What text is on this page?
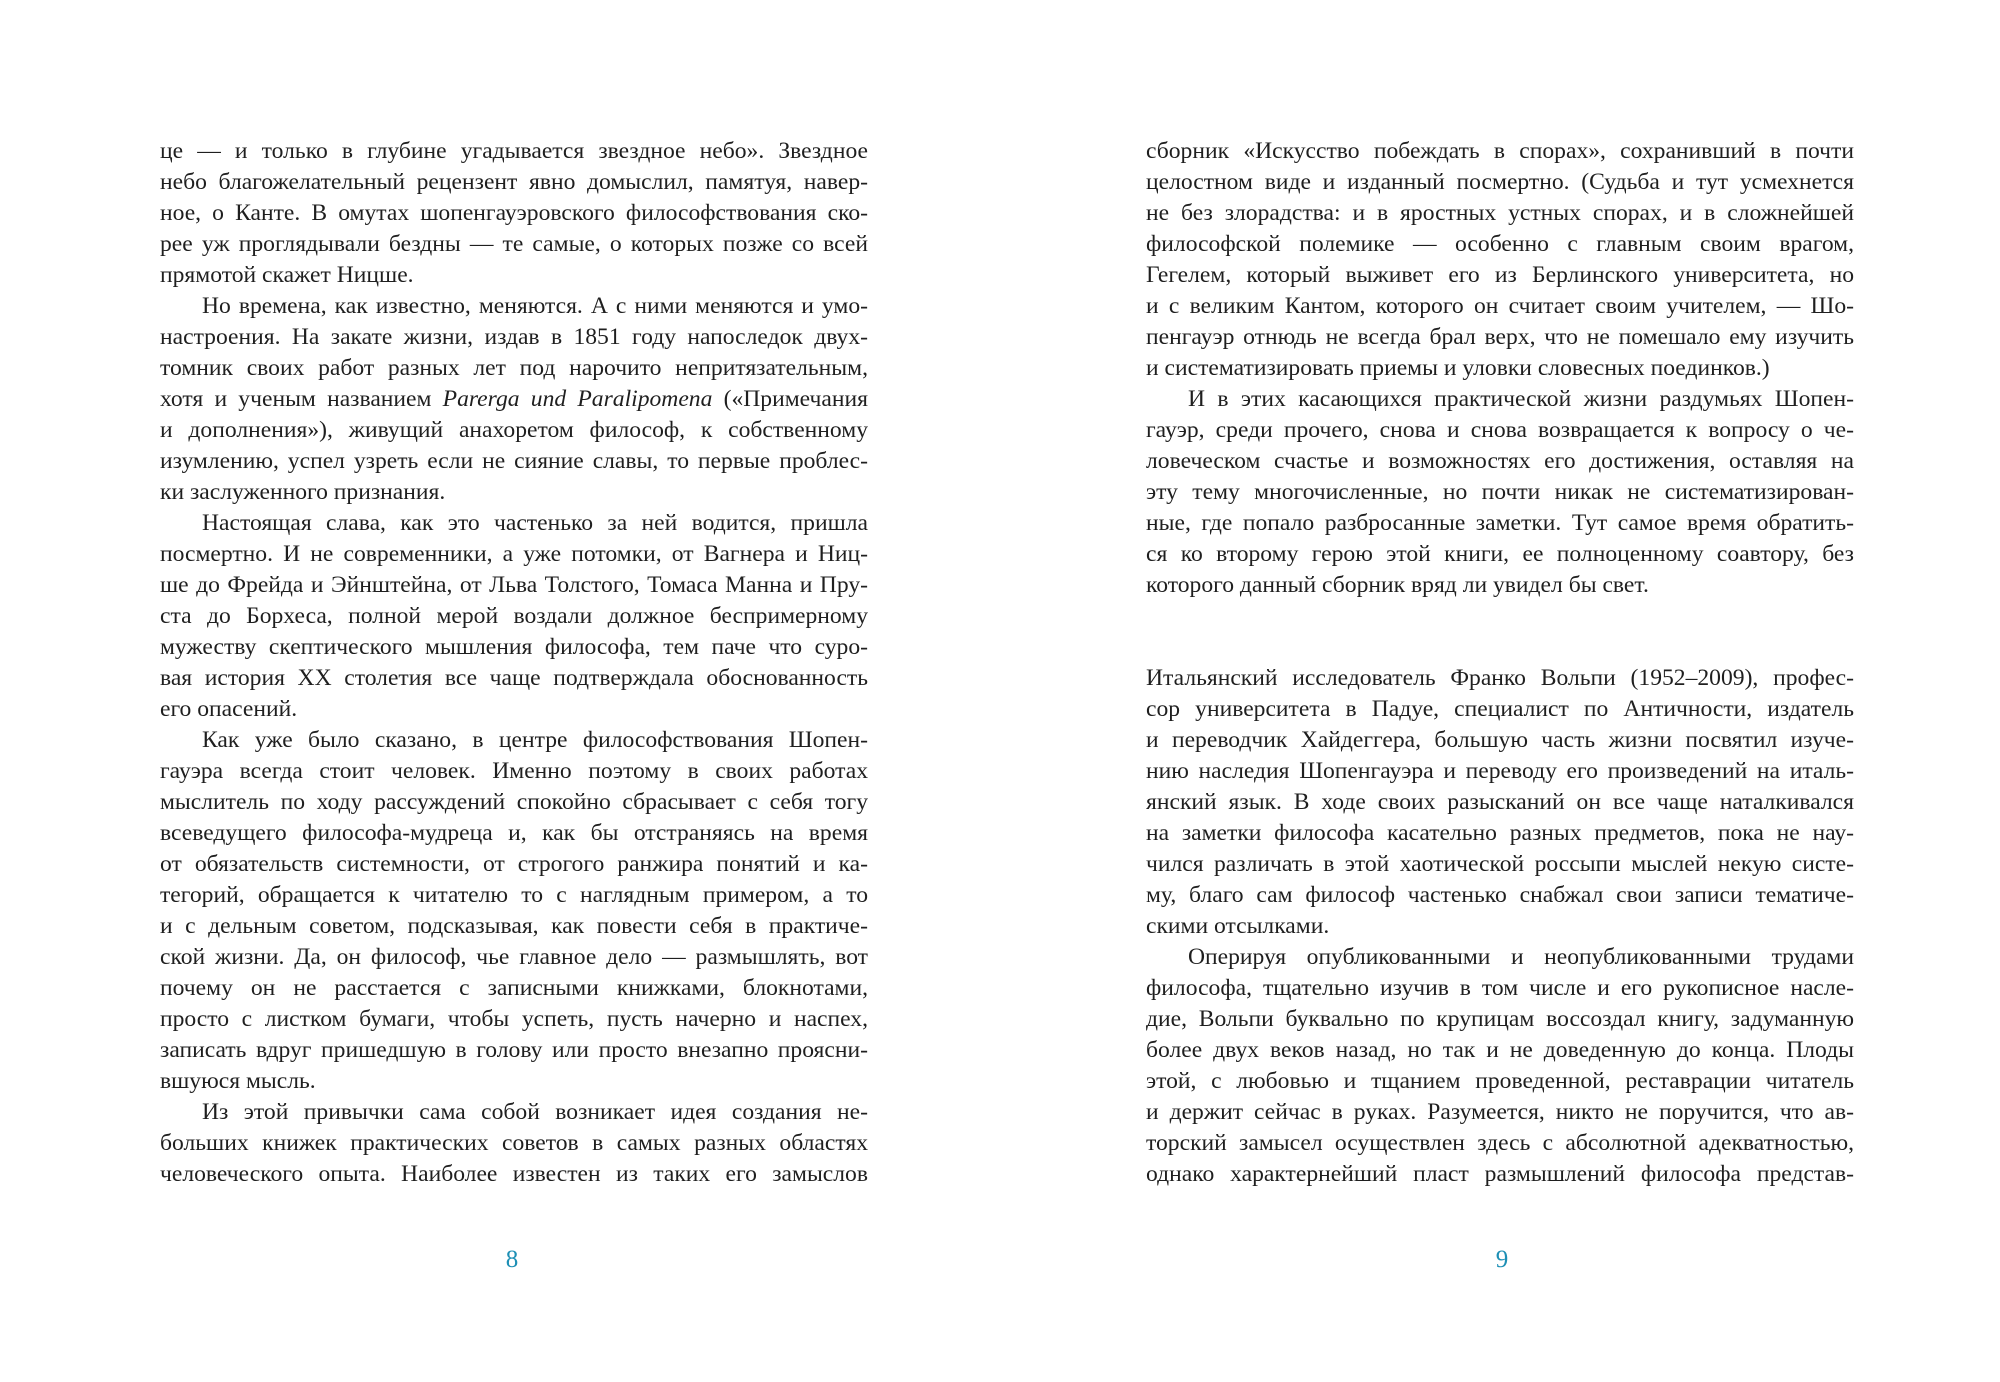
це — и только в глубине угадывается звездное небо». Звездное
небо благожелательный рецензент явно домыслил, памятуя, навер-
ное, о Канте. В омутах шопенгауэровского философствования ско-
рее уж проглядывали бездны — те самые, о которых позже со всей
прямотой скажет Ницше.
Но времена, как известно, меняются. А с ними меняются и умо-
настроения. На закате жизни, издав в 1851 году напоследок двух-
томник своих работ разных лет под нарочито непритязательным,
хотя и ученым названием Parerga und Paralipomena («Примечания
и дополнения»), живущий анахоретом философ, к собственному
изумлению, успел узреть если не сияние славы, то первые проблес-
ки заслуженного признания.
Настоящая слава, как это частенько за ней водится, пришла
посмертно. И не современники, а уже потомки, от Вагнера и Ниц-
ше до Фрейда и Эйнштейна, от Льва Толстого, Томаса Манна и Пру-
ста до Борхеса, полной мерой воздали должное беспримерному
мужеству скептического мышления философа, тем паче что суро-
вая история XX столетия все чаще подтверждала обоснованность
его опасений.
Как уже было сказано, в центре философствования Шопен-
гауэра всегда стоит человек. Именно поэтому в своих работах
мыслитель по ходу рассуждений спокойно сбрасывает с себя тогу
всеведущего философа-мудреца и, как бы отстраняясь на время
от обязательств системности, от строгого ранжира понятий и ка-
тегорий, обращается к читателю то с наглядным примером, а то
и с дельным советом, подсказывая, как повести себя в практиче-
ской жизни. Да, он философ, чье главное дело — размышлять, вот
почему он не расстается с записными книжками, блокнотами,
просто с листком бумаги, чтобы успеть, пусть начерно и наспех,
записать вдруг пришедшую в голову или просто внезапно проясни-
вшуюся мысль.
Из этой привычки сама собой возникает идея создания не-
больших книжек практических советов в самых разных областях
человеческого опыта. Наиболее известен из таких его замыслов
8
сборник «Искусство побеждать в спорах», сохранивший в почти
целостном виде и изданный посмертно. (Судьба и тут усмехнется
не без злорадства: и в яростных устных спорах, и в сложнейшей
философской полемике — особенно с главным своим врагом,
Гегелем, который выживет его из Берлинского университета, но
и с великим Кантом, которого он считает своим учителем, — Шо-
пенгауэр отнюдь не всегда брал верх, что не помешало ему изучить
и систематизировать приемы и уловки словесных поединков.)
И в этих касающихся практической жизни раздумьях Шопен-
гауэр, среди прочего, снова и снова возвращается к вопросу о че-
ловеческом счастье и возможностях его достижения, оставляя на
эту тему многочисленные, но почти никак не систематизирован-
ные, где попало разбросанные заметки. Тут самое время обратить-
ся ко второму герою этой книги, ее полноценному соавтору, без
которого данный сборник вряд ли увидел бы свет.
Итальянский исследователь Франко Вольпи (1952–2009), профес-
сор университета в Падуе, специалист по Античности, издатель
и переводчик Хайдеггера, большую часть жизни посвятил изуче-
нию наследия Шопенгауэра и переводу его произведений на италь-
янский язык. В ходе своих разысканий он все чаще наталкивался
на заметки философа касательно разных предметов, пока не нау-
чился различать в этой хаотической россыпи мыслей некую систе-
му, благо сам философ частенько снабжал свои записи тематиче-
скими отсылками.
Оперируя опубликованными и неопубликованными трудами
философа, тщательно изучив в том числе и его рукописное насле-
дие, Вольпи буквально по крупицам воссоздал книгу, задуманную
более двух веков назад, но так и не доведенную до конца. Плоды
этой, с любовью и тщанием проведенной, реставрации читатель
и держит сейчас в руках. Разумеется, никто не поручится, что ав-
торский замысел осуществлен здесь с абсолютной адекватностью,
однако характернейший пласт размышлений философа представ-
9
